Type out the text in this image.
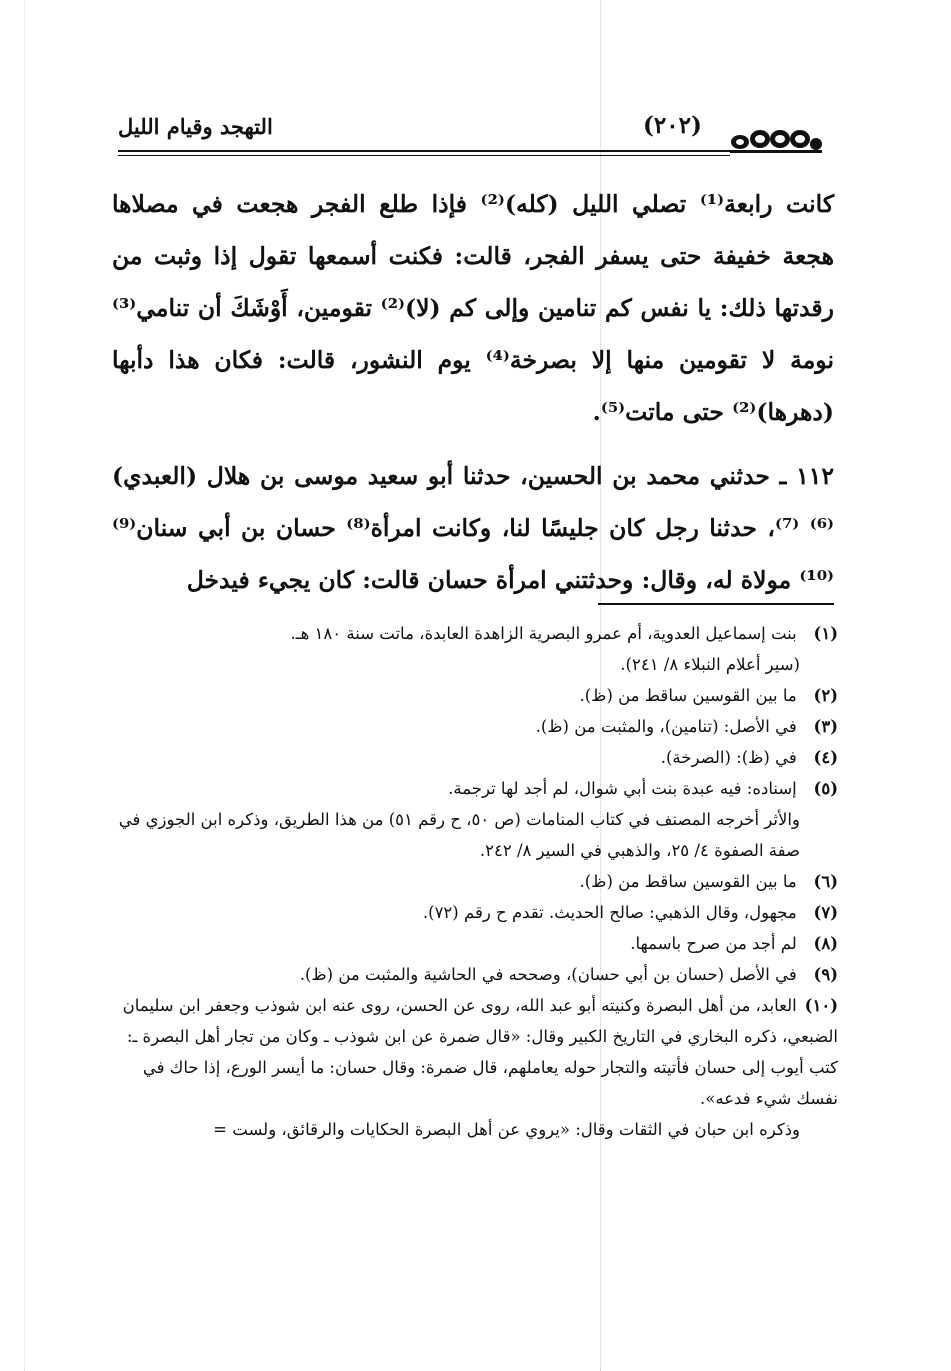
التهجد وقيام الليل	(٢٠٢)

كانت رابعة⁽¹⁾ تصلي الليل (كله)⁽²⁾ فإذا طلع الفجر هجعت في مصلاها هجعة خفيفة حتى يسفر الفجر، قالت: فكنت أسمعها تقول إذا وثبت من رقدتها ذلك: يا نفس كم تنامين وإلى كم (لا)⁽²⁾ تقومين، أَوْشَكَ أن تنامي⁽³⁾ نومة لا تقومين منها إلا بصرخة⁽⁴⁾ يوم النشور، قالت: فكان هذا دأبها (دهرها)⁽²⁾ حتى ماتت⁽⁵⁾.

١١٢ ـ حدثني محمد بن الحسين، حدثنا أبو سعيد موسى بن هلال (العبدي)⁽⁶⁾ ⁽⁷⁾، حدثنا رجل كان جليسًا لنا، وكانت امرأة⁽⁸⁾ حسان بن أبي سنان⁽⁹⁾ ⁽¹⁰⁾ مولاة له، وقال: وحدثتني امرأة حسان قالت: كان يجيء فيدخل

(١) بنت إسماعيل العدوية، أم عمرو البصرية الزاهدة العابدة، ماتت سنة ١٨٠ هـ.

(سير أعلام النبلاء ٨/ ٢٤١).

(٢) ما بين القوسين ساقط من (ظ).

(٣) في الأصل: (تنامين)، والمثبت من (ظ).

(٤) في (ظ): (الصرخة).

(٥) إسناده: فيه عبدة بنت أبي شوال، لم أجد لها ترجمة.

والأثر أخرجه المصنف في كتاب المنامات (ص ٥٠، ح رقم ٥١) من هذا الطريق، وذكره ابن الجوزي في صفة الصفوة ٤/ ٢٥، والذهبي في السير ٨/ ٢٤٢.

(٦) ما بين القوسين ساقط من (ظ).

(٧) مجهول، وقال الذهبي: صالح الحديث. تقدم ح رقم (٧٢).

(٨) لم أجد من صرح باسمها.

(٩) في الأصل (حسان بن أبي حسان)، وصححه في الحاشية والمثبت من (ظ).

(١٠) العابد، من أهل البصرة وكنيته أبو عبد الله، روى عن الحسن، روى عنه ابن شوذب وجعفر ابن سليمان الضبعي، ذكره البخاري في التاريخ الكبير وقال: «قال ضمرة عن ابن شوذب ـ وكان من تجار أهل البصرة ـ: كتب أيوب إلى حسان فأتيته والتجار حوله يعاملهم، قال ضمرة: وقال حسان: ما أيسر الورع، إذا حاك في نفسك شيء فدعه».

وذكره ابن حبان في الثقات وقال: «يروي عن أهل البصرة الحكايات والرقائق، ولست =
